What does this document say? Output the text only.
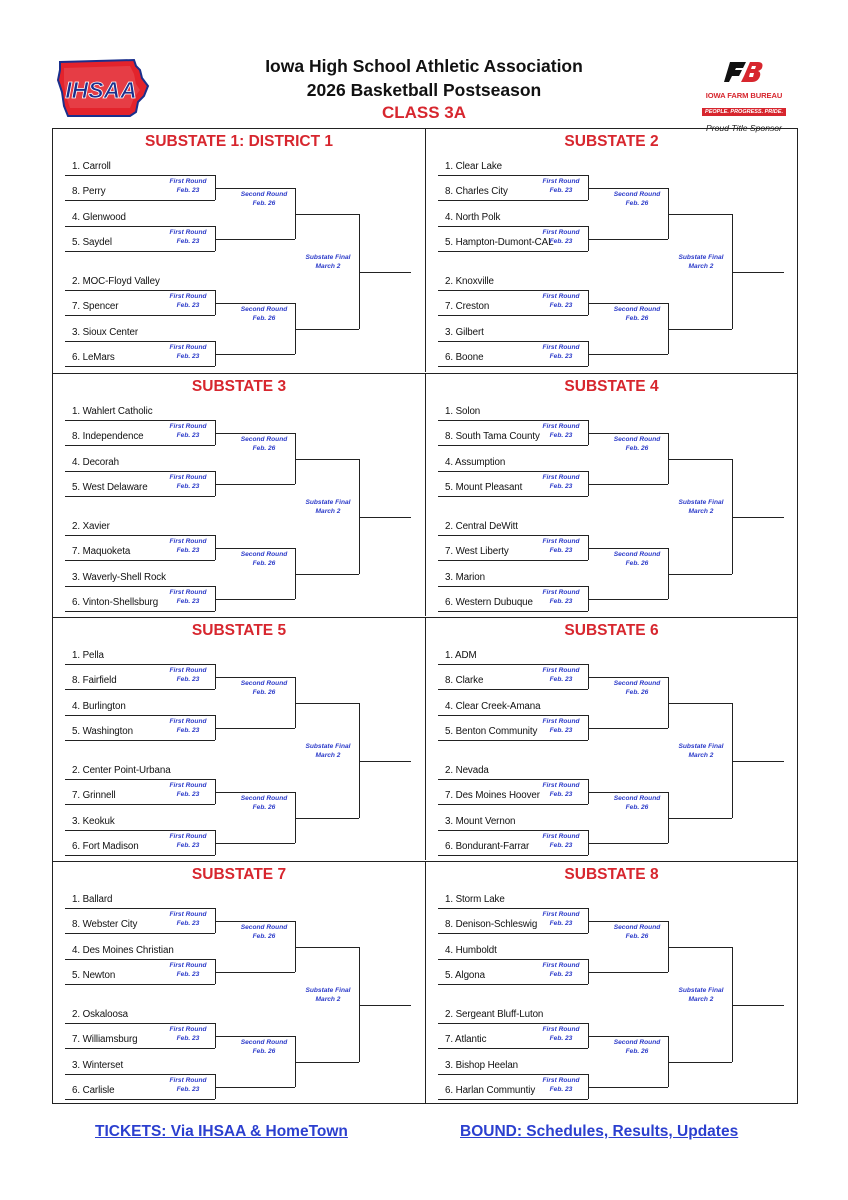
IHSAA
Iowa High School Athletic Association
2026 Basketball Postseason
CLASS 3A
IOWA FARM BUREAU
PEOPLE. PROGRESS. PRIDE.
Proud Title Sponsor
SUBSTATE 1: DISTRICT 1
1. Carroll
8. Perry
4. Glenwood
5. Saydel
2. MOC-Floyd Valley
7. Spencer
3. Sioux Center
6. LeMars
First Round
Feb. 23
First Round
Feb. 23
First Round
Feb. 23
First Round
Feb. 23
Second Round
Feb. 26
Second Round
Feb. 26
Substate Final
March 2
SUBSTATE 2
1. Clear Lake
8. Charles City
4. North Polk
5. Hampton-Dumont-CAL
2. Knoxville
7. Creston
3. Gilbert
6. Boone
First Round
Feb. 23
First Round
Feb. 23
First Round
Feb. 23
First Round
Feb. 23
Second Round
Feb. 26
Second Round
Feb. 26
Substate Final
March 2
SUBSTATE 3
1. Wahlert Catholic
8. Independence
4. Decorah
5. West Delaware
2. Xavier
7. Maquoketa
3. Waverly-Shell Rock
6. Vinton-Shellsburg
First Round
Feb. 23
First Round
Feb. 23
First Round
Feb. 23
First Round
Feb. 23
Second Round
Feb. 26
Second Round
Feb. 26
Substate Final
March 2
SUBSTATE 4
1. Solon
8. South Tama County
4. Assumption
5. Mount Pleasant
2. Central DeWitt
7. West Liberty
3. Marion
6. Western Dubuque
First Round
Feb. 23
First Round
Feb. 23
First Round
Feb. 23
First Round
Feb. 23
Second Round
Feb. 26
Second Round
Feb. 26
Substate Final
March 2
SUBSTATE 5
1. Pella
8. Fairfield
4. Burlington
5. Washington
2. Center Point-Urbana
7. Grinnell
3. Keokuk
6. Fort Madison
First Round
Feb. 23
First Round
Feb. 23
First Round
Feb. 23
First Round
Feb. 23
Second Round
Feb. 26
Second Round
Feb. 26
Substate Final
March 2
SUBSTATE 6
1. ADM
8. Clarke
4. Clear Creek-Amana
5. Benton Community
2. Nevada
7. Des Moines Hoover
3. Mount Vernon
6. Bondurant-Farrar
First Round
Feb. 23
First Round
Feb. 23
First Round
Feb. 23
First Round
Feb. 23
Second Round
Feb. 26
Second Round
Feb. 26
Substate Final
March 2
SUBSTATE 7
1. Ballard
8. Webster City
4. Des Moines Christian
5. Newton
2. Oskaloosa
7. Williamsburg
3. Winterset
6. Carlisle
First Round
Feb. 23
First Round
Feb. 23
First Round
Feb. 23
First Round
Feb. 23
Second Round
Feb. 26
Second Round
Feb. 26
Substate Final
March 2
SUBSTATE 8
1. Storm Lake
8. Denison-Schleswig
4. Humboldt
5. Algona
2. Sergeant Bluff-Luton
7. Atlantic
3. Bishop Heelan
6. Harlan Communtiy
First Round
Feb. 23
First Round
Feb. 23
First Round
Feb. 23
First Round
Feb. 23
Second Round
Feb. 26
Second Round
Feb. 26
Substate Final
March 2
TICKETS: Via IHSAA & HomeTown	BOUND: Schedules, Results, Updates
